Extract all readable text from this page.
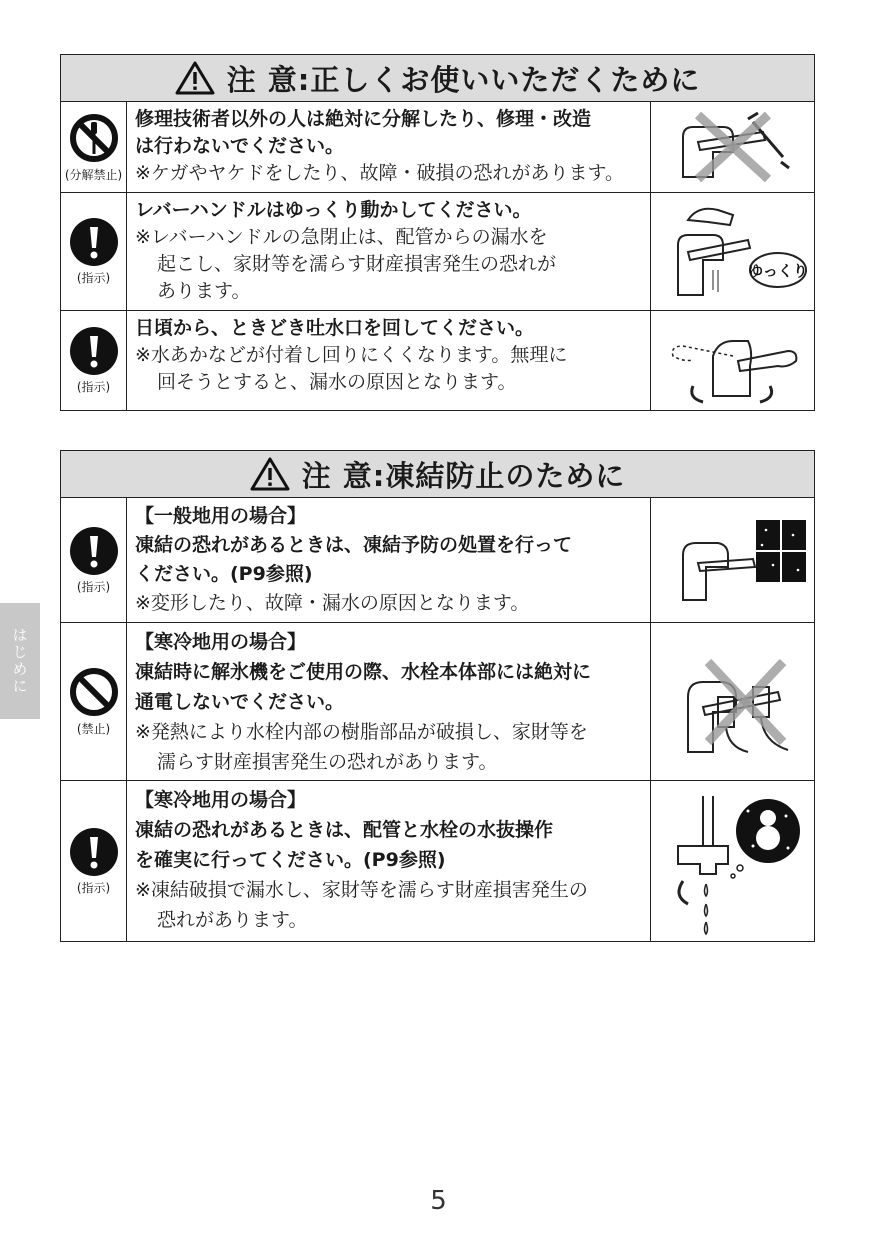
注 意:正しくお使いいただくために
(分解禁止)
修理技術者以外の人は絶対に分解したり、修理・改造
は行わないでください。
※ケガやヤケドをしたり、故障・破損の恐れがあります。
(指示)
レバーハンドルはゆっくり動かしてください。
※レバーハンドルの急閉止は、配管からの漏水を
起こし、家財等を濡らす財産損害発生の恐れが
あります。
ゆっくり
(指示)
日頃から、ときどき吐水口を回してください。
※水あかなどが付着し回りにくくなります。無理に
回そうとすると、漏水の原因となります。
注 意:凍結防止のために
(指示)
【一般地用の場合】
凍結の恐れがあるときは、凍結予防の処置を行って
ください。(P9参照)
※変形したり、故障・漏水の原因となります。
(禁止)
【寒冷地用の場合】
凍結時に解氷機をご使用の際、水栓本体部には絶対に
通電しないでください。
※発熱により水栓内部の樹脂部品が破損し、家財等を
濡らす財産損害発生の恐れがあります。
(指示)
【寒冷地用の場合】
凍結の恐れがあるときは、配管と水栓の水抜操作
を確実に行ってください。(P9参照)
※凍結破損で漏水し、家財等を濡らす財産損害発生の
恐れがあります。
はじめに
5
